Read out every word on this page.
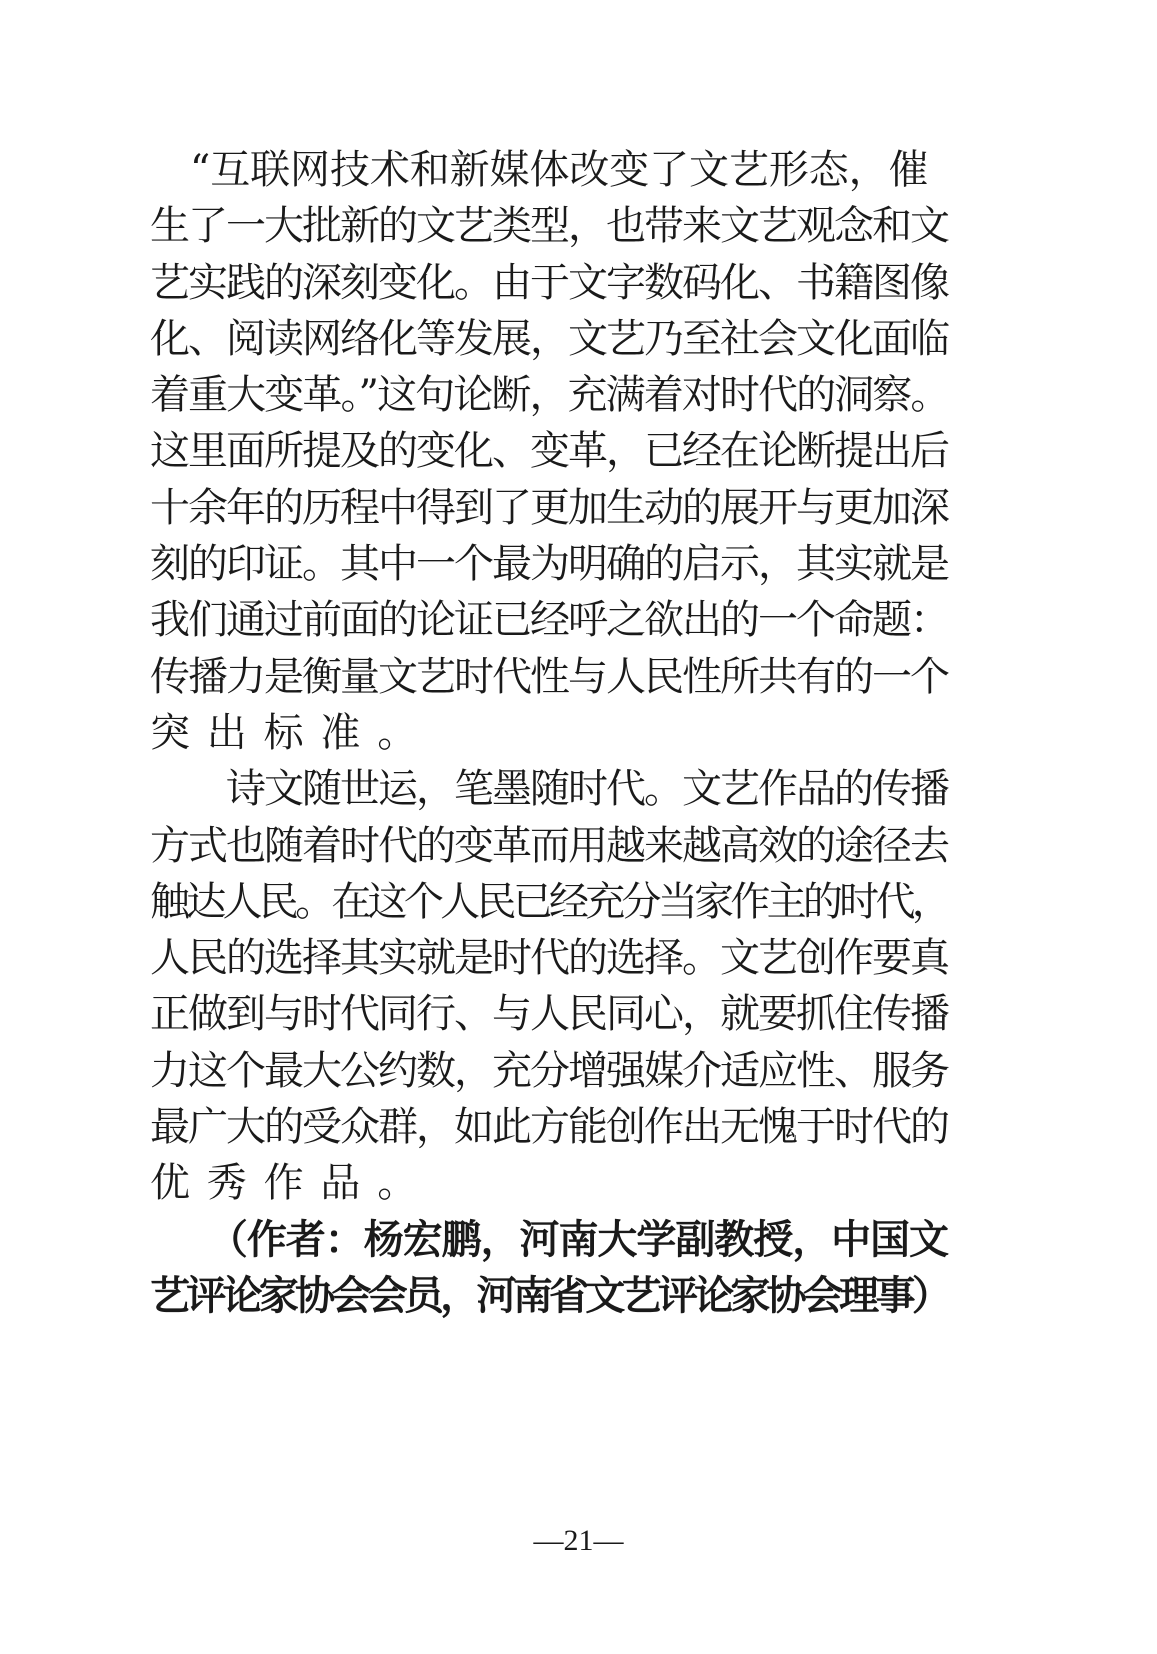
　“互联网技术和新媒体改变了文艺形态，催
生了一大批新的文艺类型，也带来文艺观念和文
艺实践的深刻变化。由于文字数码化、书籍图像
化、阅读网络化等发展，文艺乃至社会文化面临
着重大变革。”这句论断，充满着对时代的洞察。
这里面所提及的变化、变革，已经在论断提出后
十余年的历程中得到了更加生动的展开与更加深
刻的印证。其中一个最为明确的启示，其实就是
我们通过前面的论证已经呼之欲出的一个命题：
传播力是衡量文艺时代性与人民性所共有的一个
突出标准。
　　诗文随世运，笔墨随时代。文艺作品的传播
方式也随着时代的变革而用越来越高效的途径去
触达人民。在这个人民已经充分当家作主的时代，
人民的选择其实就是时代的选择。文艺创作要真
正做到与时代同行、与人民同心，就要抓住传播
力这个最大公约数，充分增强媒介适应性、服务
最广大的受众群，如此方能创作出无愧于时代的
优秀作品。
　　（作者：杨宏鹏，河南大学副教授，中国文
艺评论家协会会员，河南省文艺评论家协会理事）
—21—
